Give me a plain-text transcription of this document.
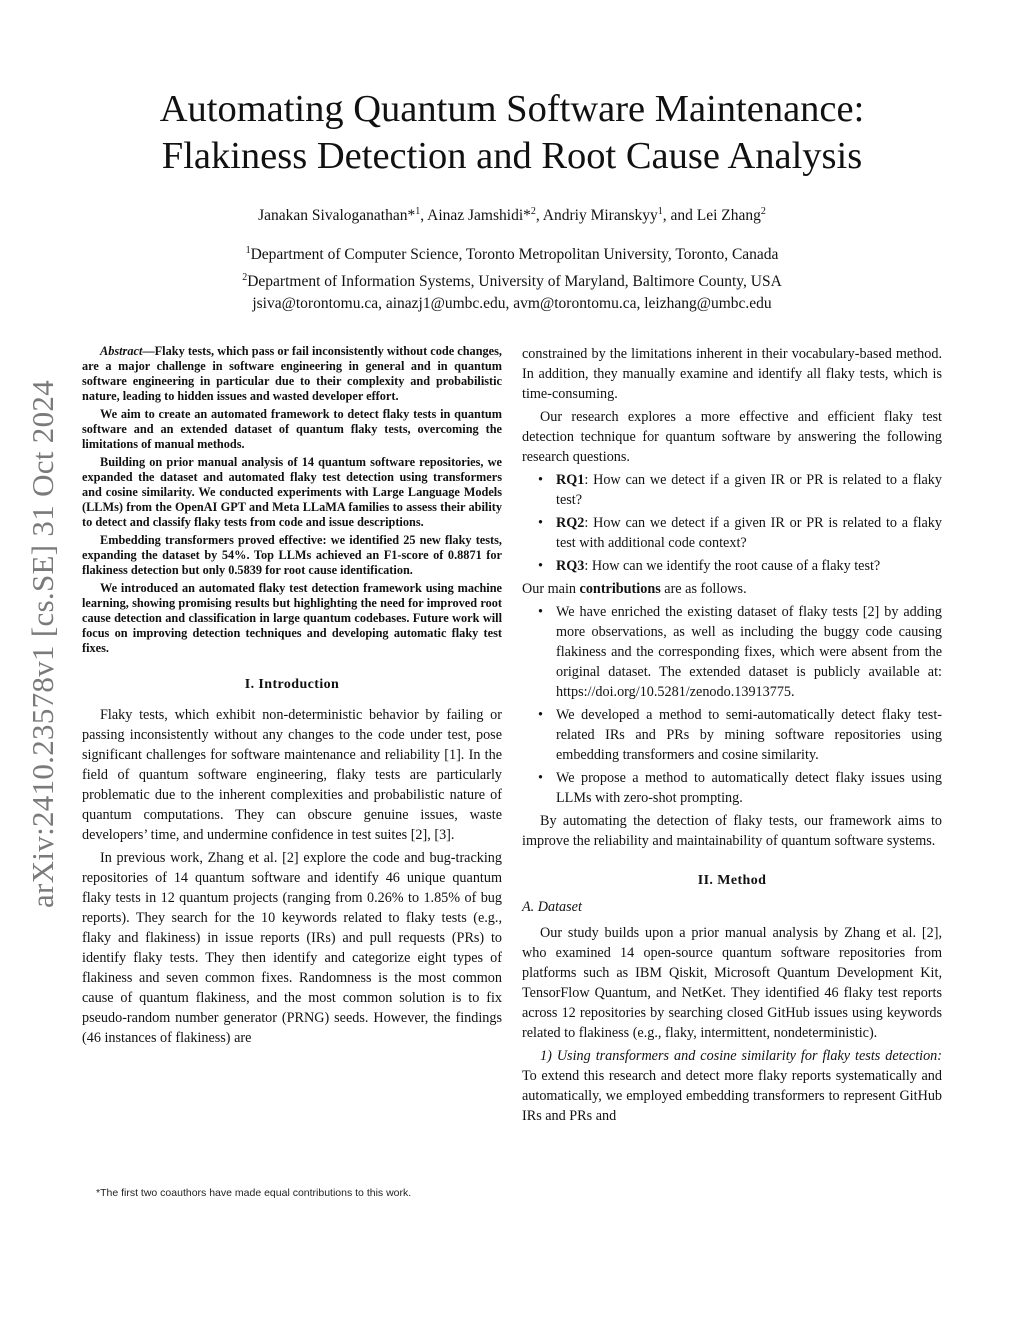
arXiv:2410.23578v1 [cs.SE] 31 Oct 2024
Automating Quantum Software Maintenance:
Flakiness Detection and Root Cause Analysis
Janakan Sivaloganathan*$^1$, Ainaz Jamshidi*$^2$, Andriy Miranskyy$^1$, and Lei Zhang$^2$
$^1$Department of Computer Science, Toronto Metropolitan University, Toronto, Canada
$^2$Department of Information Systems, University of Maryland, Baltimore County, USA
jsiva@torontomu.ca, ainazj1@umbc.edu, avm@torontomu.ca, leizhang@umbc.edu

Abstract—Flaky tests, which pass or fail inconsistently without code changes, are a major challenge in software engineering in general and in quantum software engineering in particular due to their complexity and probabilistic nature, leading to hidden issues and wasted developer effort.

We aim to create an automated framework to detect flaky tests in quantum software and an extended dataset of quantum flaky tests, overcoming the limitations of manual methods.

Building on prior manual analysis of 14 quantum software repositories, we expanded the dataset and automated flaky test detection using transformers and cosine similarity. We conducted experiments with Large Language Models (LLMs) from the OpenAI GPT and Meta LLaMA families to assess their ability to detect and classify flaky tests from code and issue descriptions.

Embedding transformers proved effective: we identified 25 new flaky tests, expanding the dataset by 54%. Top LLMs achieved an F1-score of 0.8871 for flakiness detection but only 0.5839 for root cause identification.

We introduced an automated flaky test detection framework using machine learning, showing promising results but highlighting the need for improved root cause detection and classification in large quantum codebases. Future work will focus on improving detection techniques and developing automatic flaky test fixes.

I. Introduction

Flaky tests, which exhibit non-deterministic behavior by failing or passing inconsistently without any changes to the code under test, pose significant challenges for software maintenance and reliability [1]. In the field of quantum software engineering, flaky tests are particularly problematic due to the inherent complexities and probabilistic nature of quantum computations. They can obscure genuine issues, waste developers’ time, and undermine confidence in test suites [2], [3].

In previous work, Zhang et al. [2] explore the code and bug-tracking repositories of 14 quantum software and identify 46 unique quantum flaky tests in 12 quantum projects (ranging from 0.26% to 1.85% of bug reports). They search for the 10 keywords related to flaky tests (e.g., flaky and flakiness) in issue reports (IRs) and pull requests (PRs) to identify flaky tests. They then identify and categorize eight types of flakiness and seven common fixes. Randomness is the most common cause of quantum flakiness, and the most common solution is to fix pseudo-random number generator (PRNG) seeds. However, the findings (46 instances of flakiness) are

*The first two coauthors have made equal contributions to this work.

constrained by the limitations inherent in their vocabulary-based method. In addition, they manually examine and identify all flaky tests, which is time-consuming.

Our research explores a more effective and efficient flaky test detection technique for quantum software by answering the following research questions.

• RQ1: How can we detect if a given IR or PR is related to a flaky test?
• RQ2: How can we detect if a given IR or PR is related to a flaky test with additional code context?
• RQ3: How can we identify the root cause of a flaky test?

Our main contributions are as follows.

• We have enriched the existing dataset of flaky tests [2] by adding more observations, as well as including the buggy code causing flakiness and the corresponding fixes, which were absent from the original dataset. The extended dataset is publicly available at: https://doi.org/10.5281/zenodo.13913775.
• We developed a method to semi-automatically detect flaky test-related IRs and PRs by mining software repositories using embedding transformers and cosine similarity.
• We propose a method to automatically detect flaky issues using LLMs with zero-shot prompting.

By automating the detection of flaky tests, our framework aims to improve the reliability and maintainability of quantum software systems.

II. Method

A. Dataset

Our study builds upon a prior manual analysis by Zhang et al. [2], who examined 14 open-source quantum software repositories from platforms such as IBM Qiskit, Microsoft Quantum Development Kit, TensorFlow Quantum, and NetKet. They identified 46 flaky test reports across 12 repositories by searching closed GitHub issues using keywords related to flakiness (e.g., flaky, intermittent, nondeterministic).

1) Using transformers and cosine similarity for flaky tests detection: To extend this research and detect more flaky reports systematically and automatically, we employed embedding transformers to represent GitHub IRs and PRs and
